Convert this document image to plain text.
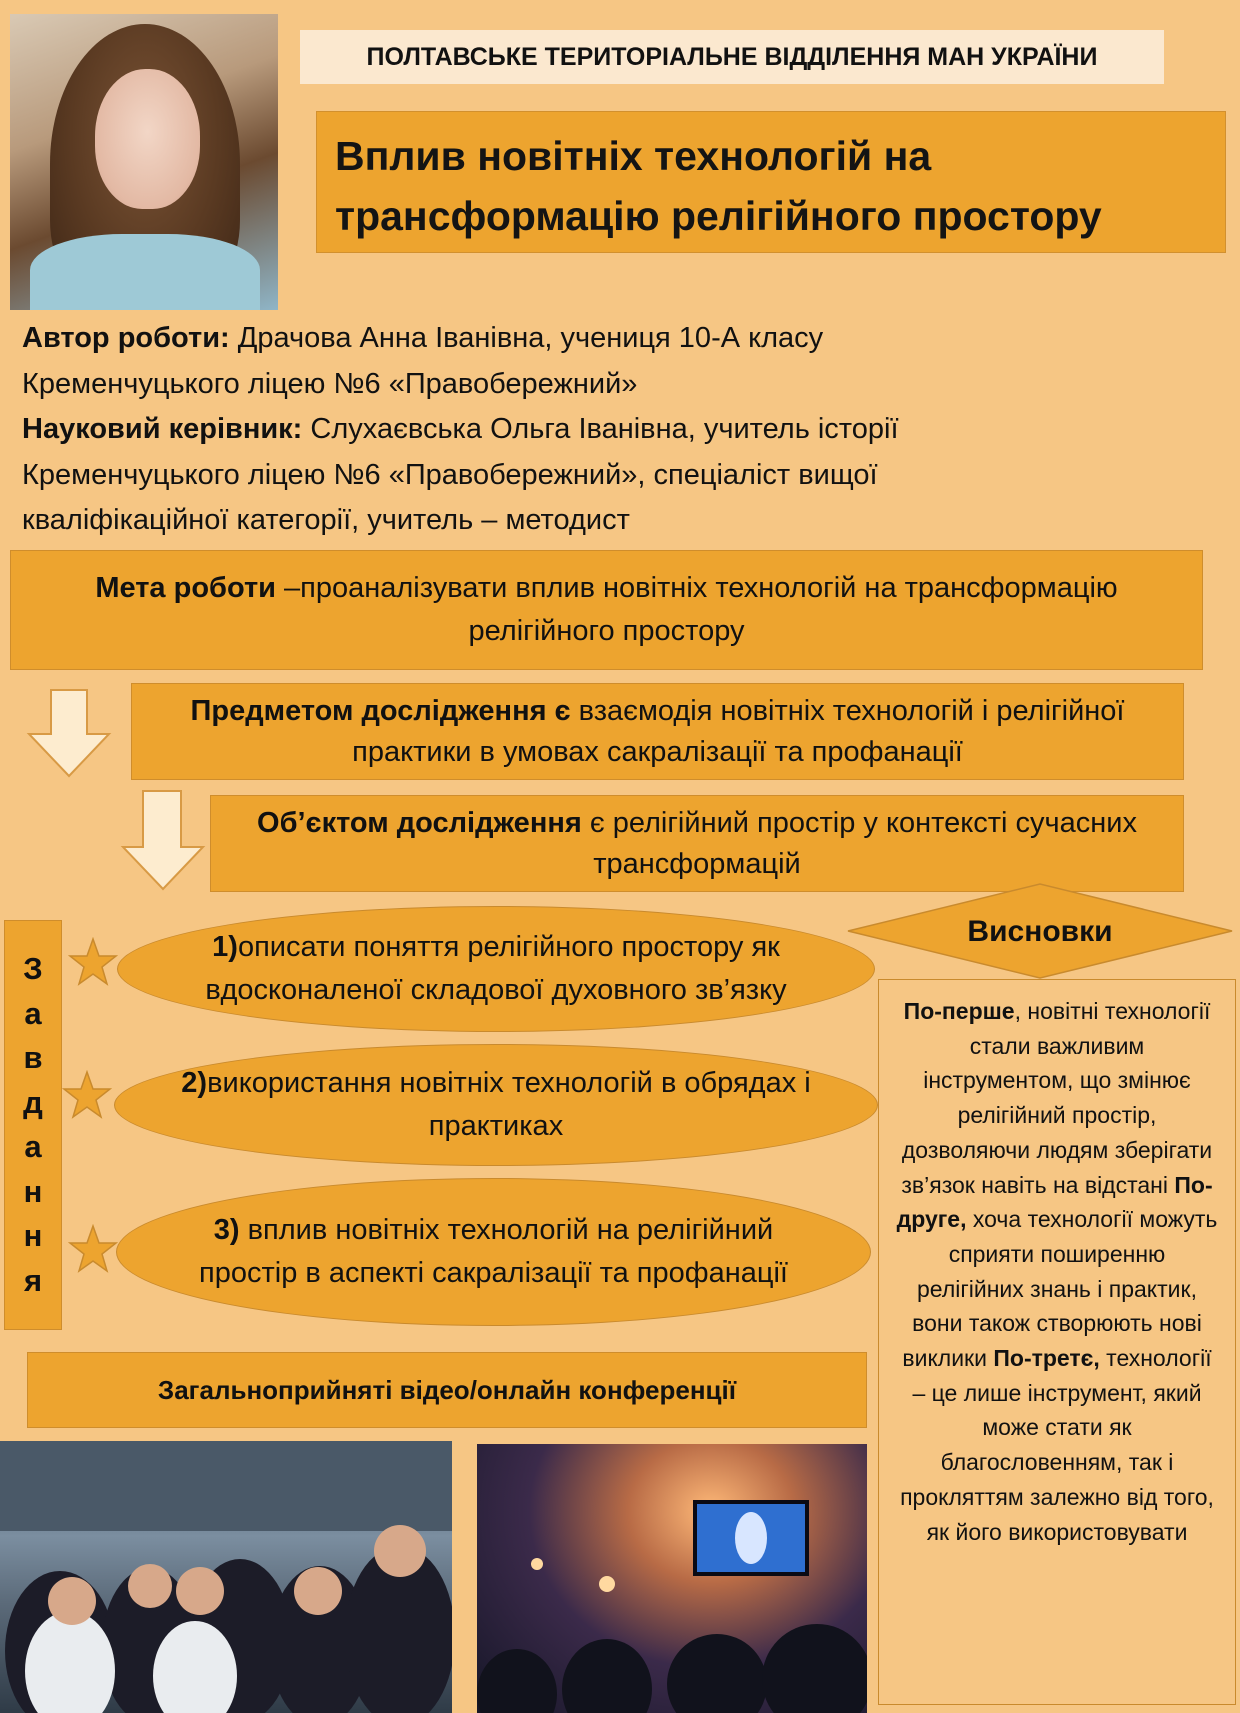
ПОЛТАВСЬКЕ ТЕРИТОРІАЛЬНЕ ВІДДІЛЕННЯ МАН УКРАЇНИ
Вплив новітніх технологій на
трансформацію релігійного простору
Автор роботи: Драчова Анна Іванівна, учениця 10-А класу
Кременчуцького ліцею №6 «Правобережний»
Науковий керівник: Слухаєвська Ольга Іванівна, учитель історії
Кременчуцького ліцею №6 «Правобережний», спеціаліст вищої
кваліфікаційної категорії, учитель – методист
Мета роботи –проаналізувати вплив новітніх технологій на трансформацію релігійного простору
Предметом дослідження є взаємодія новітніх технологій і релігійної практики в умовах сакралізації та профанації
Об’єктом дослідження є релігійний простір у контексті сучасних трансформацій
З
а
в
д
а
н
н
я
1)описати поняття релігійного простору як вдосконаленої складової духовного зв’язку
2)використання новітніх технологій в обрядах і практиках
3) вплив новітніх технологій на релігійний простір в аспекті сакралізації та профанації
Висновки
По-перше, новітні технології стали важливим інструментом, що змінює релігійний простір, дозволяючи людям зберігати зв’язок навіть на відстані По-друге, хоча технології можуть сприяти поширенню релігійних знань і практик, вони також створюють нові виклики По-третє, технології – це лише інструмент, який може стати як благословенням, так і прокляттям залежно від того, як його використовувати
Загальноприйняті відео/онлайн конференції
